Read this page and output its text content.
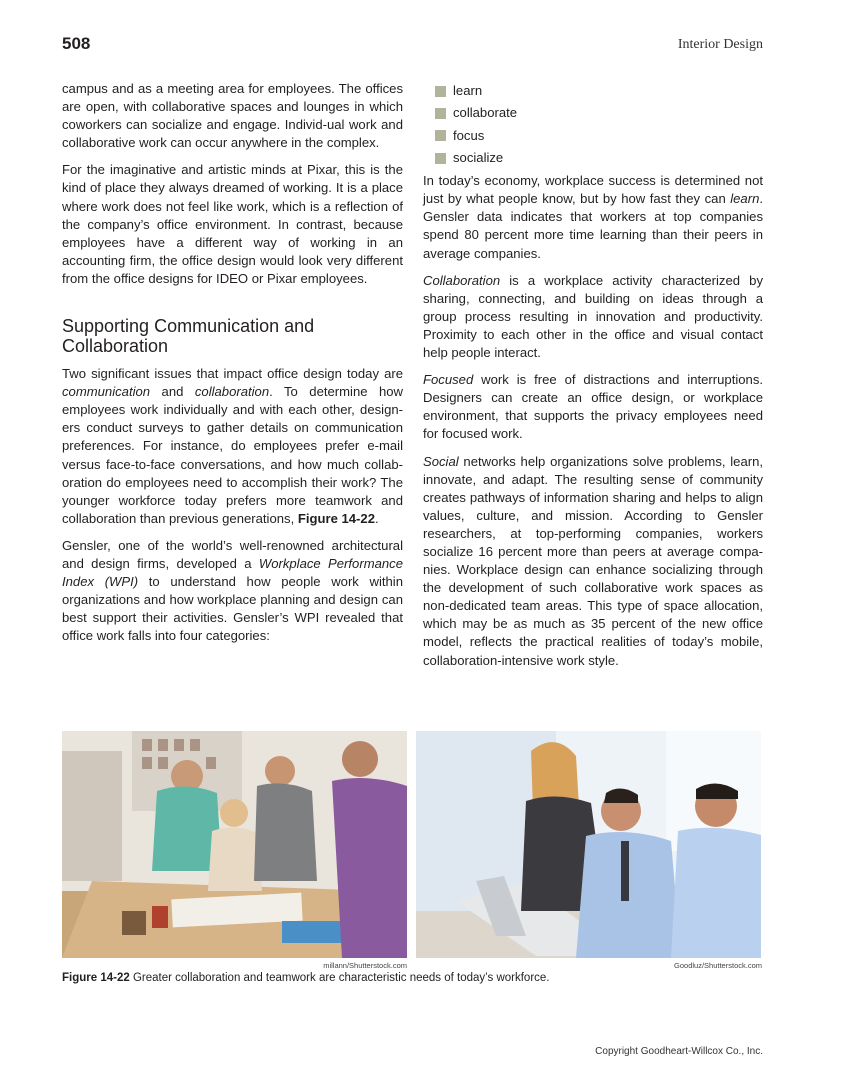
508	Interior Design

campus and as a meeting area for employees. The offices are open, with collaborative spaces and lounges in which coworkers can socialize and engage. Individ-ual work and collaborative work can occur anywhere in the complex.

For the imaginative and artistic minds at Pixar, this is the kind of place they always dreamed of working. It is a place where work does not feel like work, which is a reflection of the company’s office environment. In contrast, because employees have a different way of working in an accounting firm, the office design would look very different from the office designs for IDEO or Pixar employees.

Supporting Communication and Collaboration

Two significant issues that impact office design today are communication and collaboration. To determine how employees work individually and with each other, design-ers conduct surveys to gather details on communication preferences. For instance, do employees prefer e-mail versus face-to-face conversations, and how much collab-oration do employees need to accomplish their work? The younger workforce today prefers more teamwork and collaboration than previous generations, Figure 14-22.

Gensler, one of the world’s well-renowned architectural and design firms, developed a Workplace Performance Index (WPI) to understand how people work within organizations and how workplace planning and design can best support their activities. Gensler’s WPI revealed that office work falls into four categories:

learn
collaborate
focus
socialize

In today’s economy, workplace success is determined not just by what people know, but by how fast they can learn. Gensler data indicates that workers at top companies spend 80 percent more time learning than their peers in average companies.

Collaboration is a workplace activity characterized by sharing, connecting, and building on ideas through a group process resulting in innovation and productivity. Proximity to each other in the office and visual contact help people interact.

Focused work is free of distractions and interruptions. Designers can create an office design, or workplace environment, that supports the privacy employees need for focused work.

Social networks help organizations solve problems, learn, innovate, and adapt. The resulting sense of community creates pathways of information sharing and helps to align values, culture, and mission. According to Gensler researchers, at top-performing companies, workers socialize 16 percent more than peers at average compa-nies. Workplace design can enhance socializing through the development of such collaborative work spaces as non-dedicated team areas. This type of space allocation, which may be as much as 35 percent of the new office model, reflects the practical realities of today’s mobile, collaboration-intensive work style.

millann/Shutterstock.com	Goodluz/Shutterstock.com
Figure 14-22 Greater collaboration and teamwork are characteristic needs of today’s workforce.
Copyright Goodheart-Willcox Co., Inc.
